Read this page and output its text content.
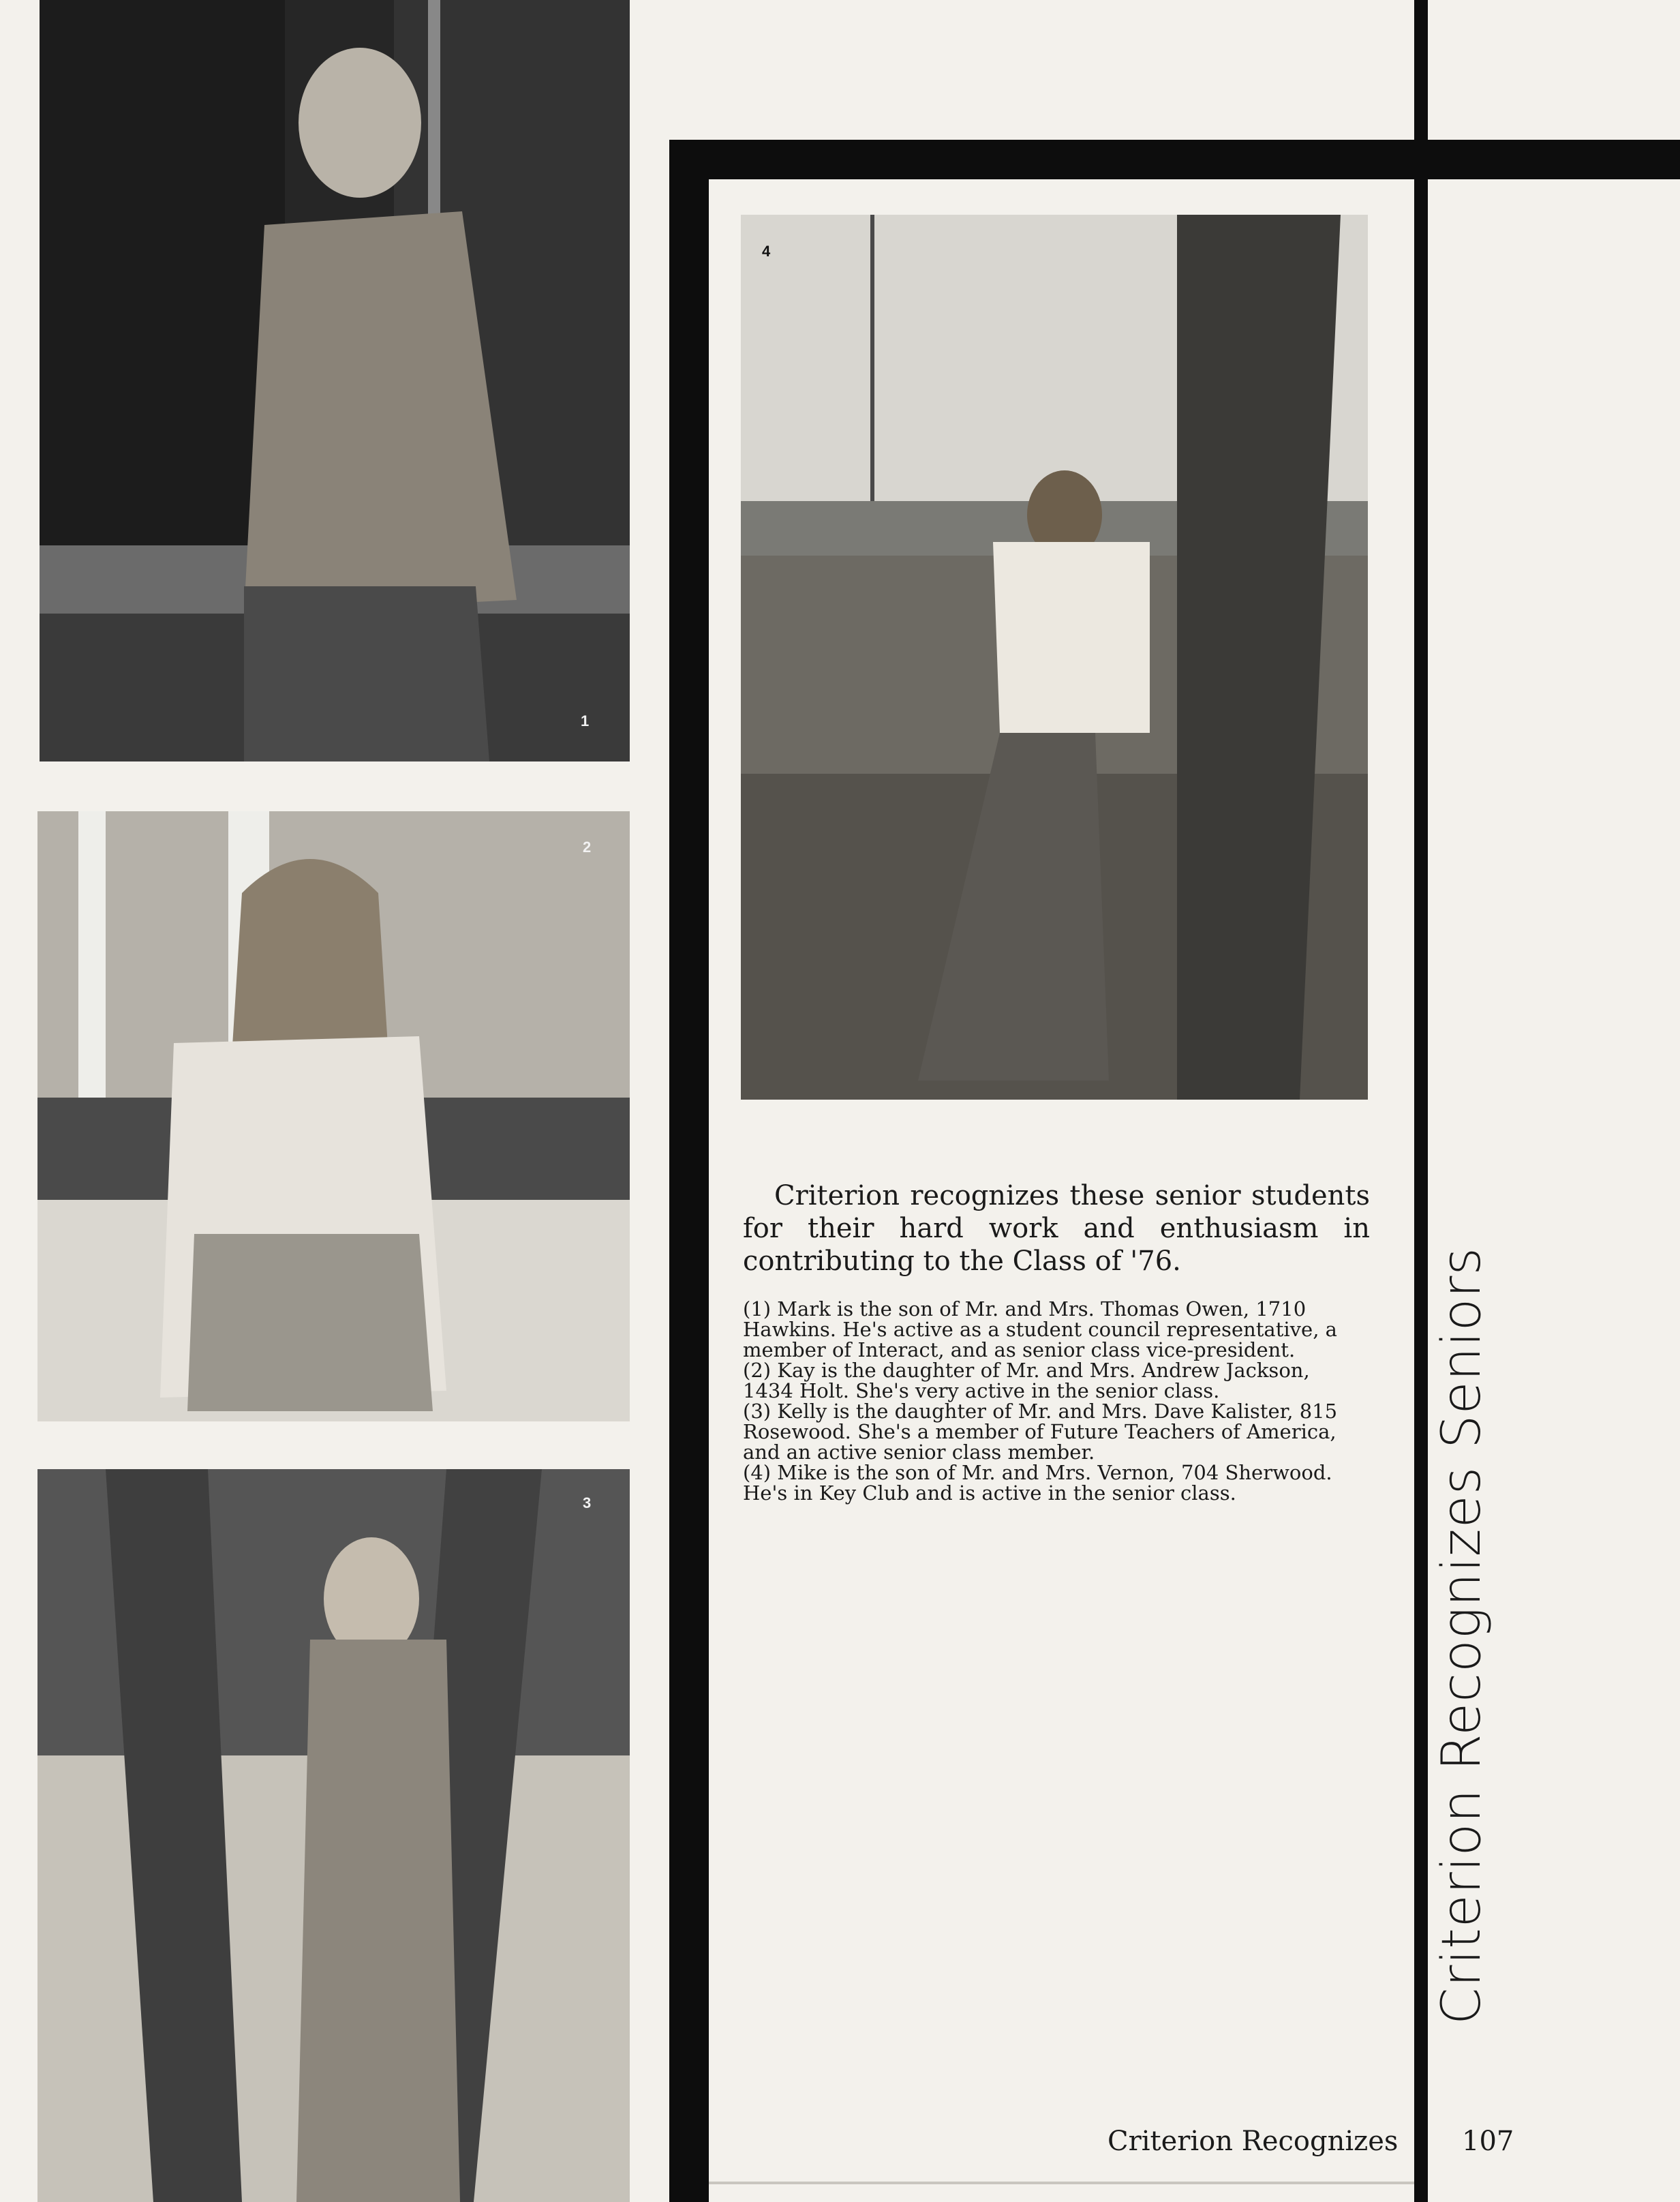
1
2
3
4
Criterion recognizes these senior students for their hard work and enthusiasm in contributing to the Class of '76.

(1) Mark is the son of Mr. and Mrs. Thomas Owen, 1710 Hawkins. He's active as a student council representative, a member of Interact, and as senior class vice-president.

(2) Kay is the daughter of Mr. and Mrs. Andrew Jackson, 1434 Holt. She's very active in the senior class.

(3) Kelly is the daughter of Mr. and Mrs. Dave Kalister, 815 Rosewood. She's a member of Future Teachers of America, and an active senior class member.

(4) Mike is the son of Mr. and Mrs. Vernon, 704 Sherwood. He's in Key Club and is active in the senior class.	Criterion Recognizes Seniors
Criterion Recognizes 107
